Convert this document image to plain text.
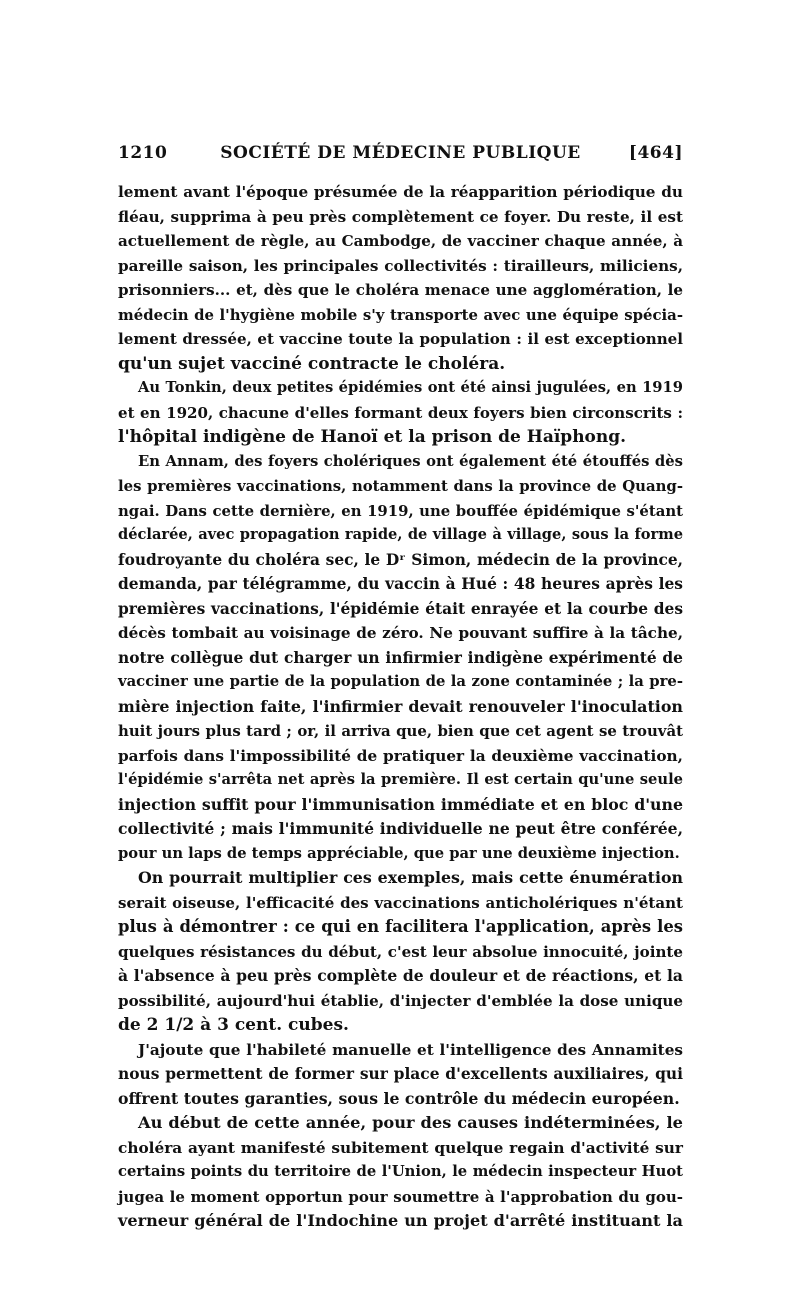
1210	SOCIÉTÉ DE MÉDECINE PUBLIQUE	[464]
lement avant l'époque présumée de la réapparition périodique du
fléau, supprima à peu près complètement ce foyer. Du reste, il est
actuellement de règle, au Cambodge, de vacciner chaque année, à
pareille saison, les principales collectivités : tirailleurs, miliciens,
prisonniers... et, dès que le choléra menace une agglomération, le
médecin de l'hygiène mobile s'y transporte avec une équipe spécia-
lement dressée, et vaccine toute la population : il est exceptionnel
qu'un sujet vacciné contracte le choléra.
Au Tonkin, deux petites épidémies ont été ainsi jugulées, en 1919
et en 1920, chacune d'elles formant deux foyers bien circonscrits :
l'hôpital indigène de Hanoï et la prison de Haïphong.
En Annam, des foyers cholériques ont également été étouffés dès
les premières vaccinations, notamment dans la province de Quang-
ngai. Dans cette dernière, en 1919, une bouffée épidémique s'étant
déclarée, avec propagation rapide, de village à village, sous la forme
foudroyante du choléra sec, le Dʳ Simon, médecin de la province,
demanda, par télégramme, du vaccin à Hué : 48 heures après les
premières vaccinations, l'épidémie était enrayée et la courbe des
décès tombait au voisinage de zéro. Ne pouvant suffire à la tâche,
notre collègue dut charger un infirmier indigène expérimenté de
vacciner une partie de la population de la zone contaminée ; la pre-
mière injection faite, l'infirmier devait renouveler l'inoculation
huit jours plus tard ; or, il arriva que, bien que cet agent se trouvât
parfois dans l'impossibilité de pratiquer la deuxième vaccination,
l'épidémie s'arrêta net après la première. Il est certain qu'une seule
injection suffit pour l'immunisation immédiate et en bloc d'une
collectivité ; mais l'immunité individuelle ne peut être conférée,
pour un laps de temps appréciable, que par une deuxième injection.
On pourrait multiplier ces exemples, mais cette énumération
serait oiseuse, l'efficacité des vaccinations anticholériques n'étant
plus à démontrer : ce qui en facilitera l'application, après les
quelques résistances du début, c'est leur absolue innocuité, jointe
à l'absence à peu près complète de douleur et de réactions, et la
possibilité, aujourd'hui établie, d'injecter d'emblée la dose unique
de 2 1/2 à 3 cent. cubes.
J'ajoute que l'habileté manuelle et l'intelligence des Annamites
nous permettent de former sur place d'excellents auxiliaires, qui
offrent toutes garanties, sous le contrôle du médecin européen.
Au début de cette année, pour des causes indéterminées, le
choléra ayant manifesté subitement quelque regain d'activité sur
certains points du territoire de l'Union, le médecin inspecteur Huot
jugea le moment opportun pour soumettre à l'approbation du gou-
verneur général de l'Indochine un projet d'arrêté instituant la
